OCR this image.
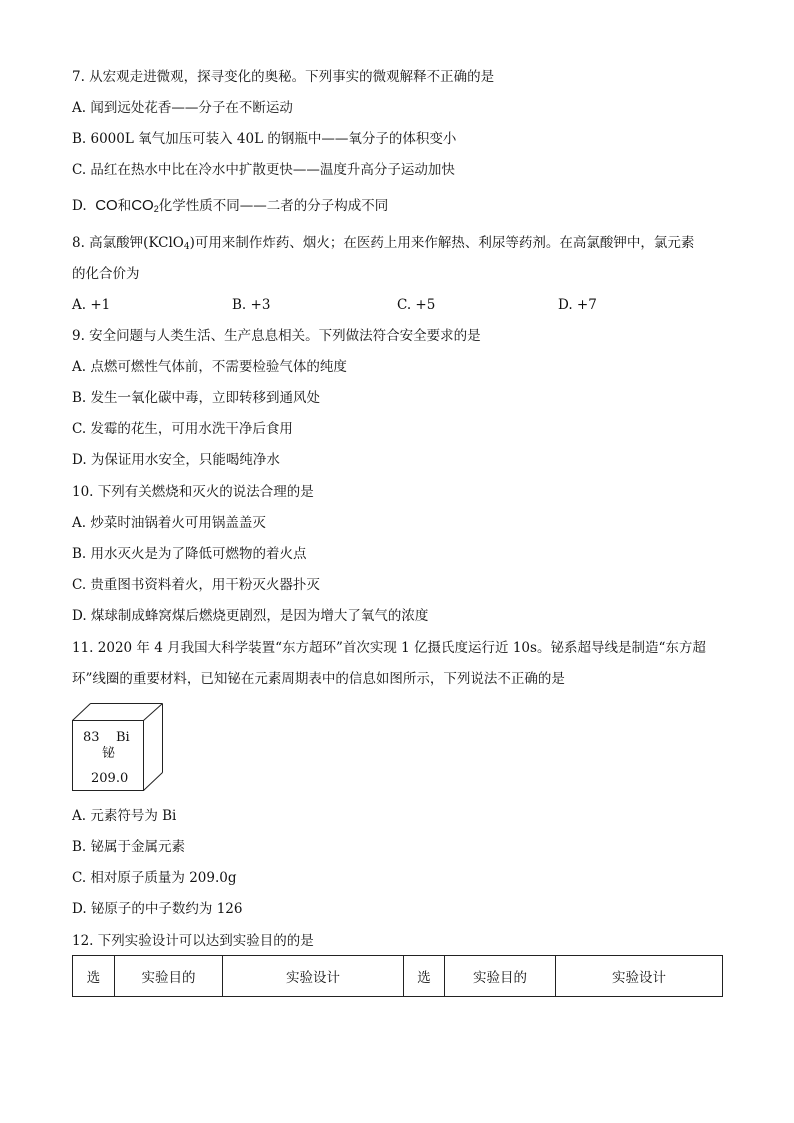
7. 从宏观走进微观，探寻变化的奥秘。下列事实的微观解释不正确的是
A. 闻到远处花香——分子在不断运动
B. 6000L 氧气加压可装入 40L 的钢瓶中——氧分子的体积变小
C. 品红在热水中比在冷水中扩散更快——温度升高分子运动加快
D.  CO和$CO_2$化学性质不同——二者的分子构成不同
8. 高氯酸钾(KClO$_4$)可用来制作炸药、烟火；在医药上用来作解热、利尿等药剂。在高氯酸钾中，氯元素
的化合价为
A. +1	B. +3	C. +5	D. +7
9. 安全问题与人类生活、生产息息相关。下列做法符合安全要求的是
A. 点燃可燃性气体前，不需要检验气体的纯度
B. 发生一氧化碳中毒，立即转移到通风处
C. 发霉的花生，可用水洗干净后食用
D. 为保证用水安全，只能喝纯净水
10. 下列有关燃烧和灭火的说法合理的是
A. 炒菜时油锅着火可用锅盖盖灭
B. 用水灭火是为了降低可燃物的着火点
C. 贵重图书资料着火，用干粉灭火器扑灭
D. 煤球制成蜂窝煤后燃烧更剧烈，是因为增大了氧气的浓度
11. 2020 年 4 月我国大科学装置“东方超环”首次实现 1 亿摄氏度运行近 10s。铋系超导线是制造“东方超
环”线圈的重要材料，已知铋在元素周期表中的信息如图所示，下列说法不正确的是
83 Bi
铋
209.0
A. 元素符号为 Bi
B. 铋属于金属元素
C. 相对原子质量为 209.0g
D. 铋原子的中子数约为 126
12. 下列实验设计可以达到实验目的的是
选	实验目的	实验设计	选	实验目的	实验设计
